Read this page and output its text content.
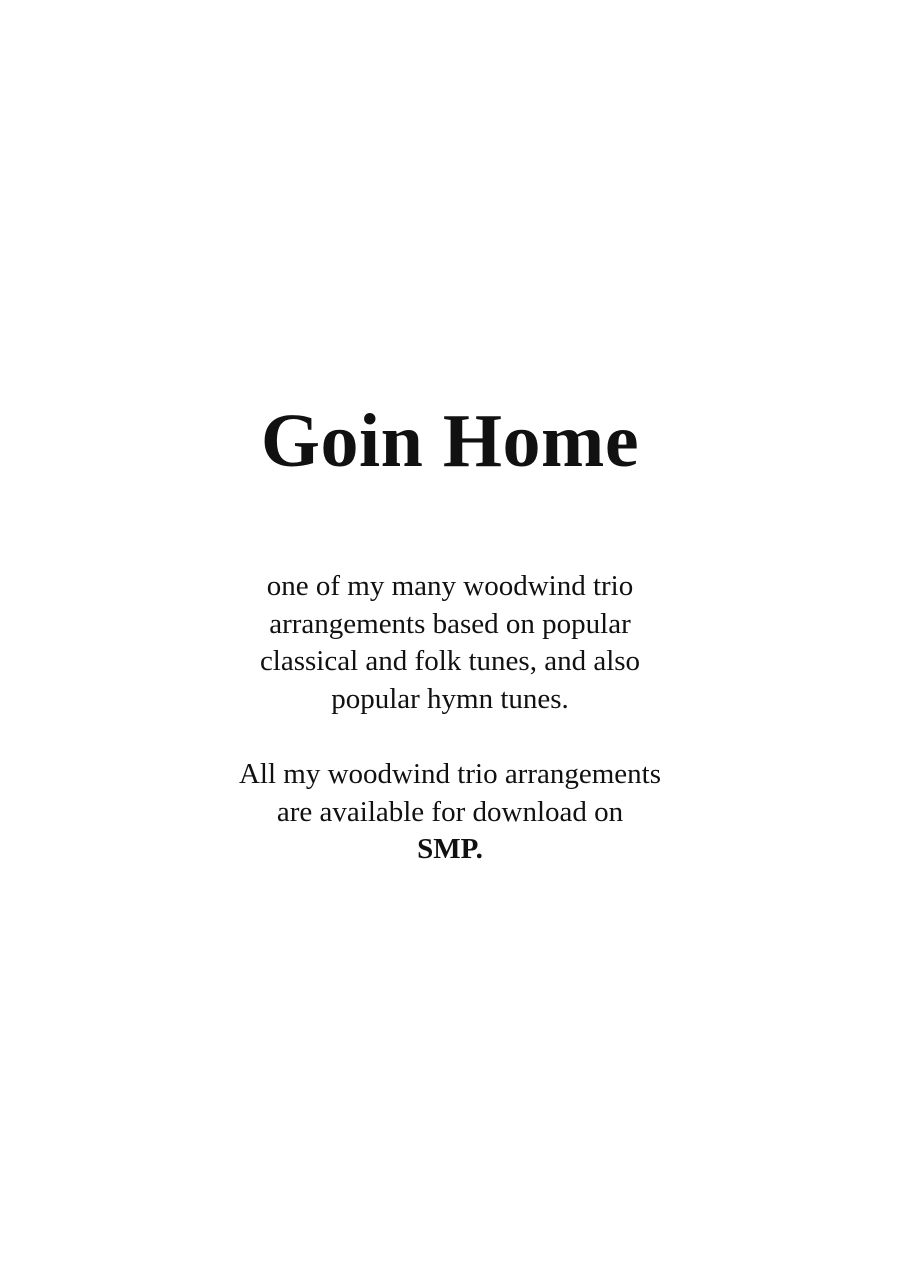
Goin Home

one of my many woodwind trio
arrangements based on popular
classical and folk tunes, and also
popular hymn tunes.

All my woodwind trio arrangements
are available for download on
SMP.
